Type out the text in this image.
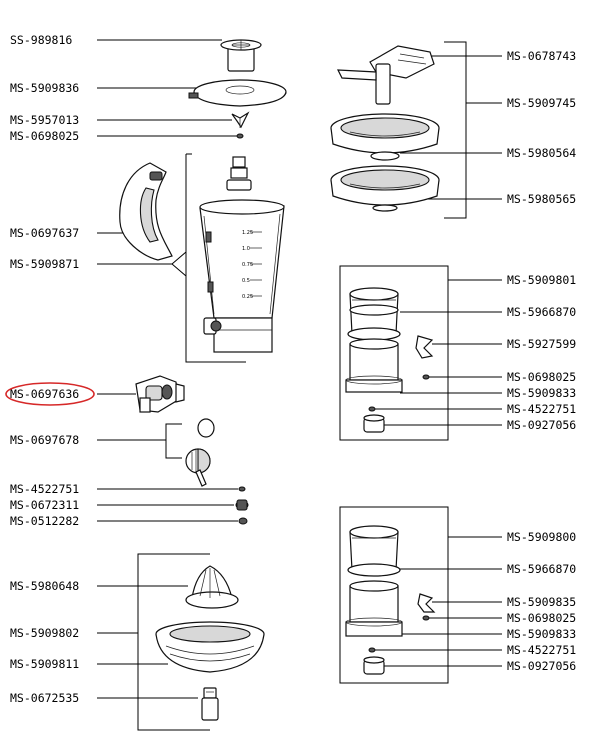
SS-989816
MS-5909836
MS-5957013
MS-0698025
MS-0697637
MS-5909871
MS-0697636
MS-0697678
MS-4522751
MS-0672311
MS-0512282
MS-5980648
MS-5909802
MS-5909811
MS-0672535
MS-0678743
MS-5909745
MS-5980564
MS-5980565
MS-5909801
MS-5966870
MS-5927599
MS-0698025
MS-5909833
MS-4522751
MS-0927056
MS-5909800
MS-5966870
MS-5909835
MS-0698025
MS-5909833
MS-4522751
MS-0927056
1.25
1.0
0.75
0.5
0.25
